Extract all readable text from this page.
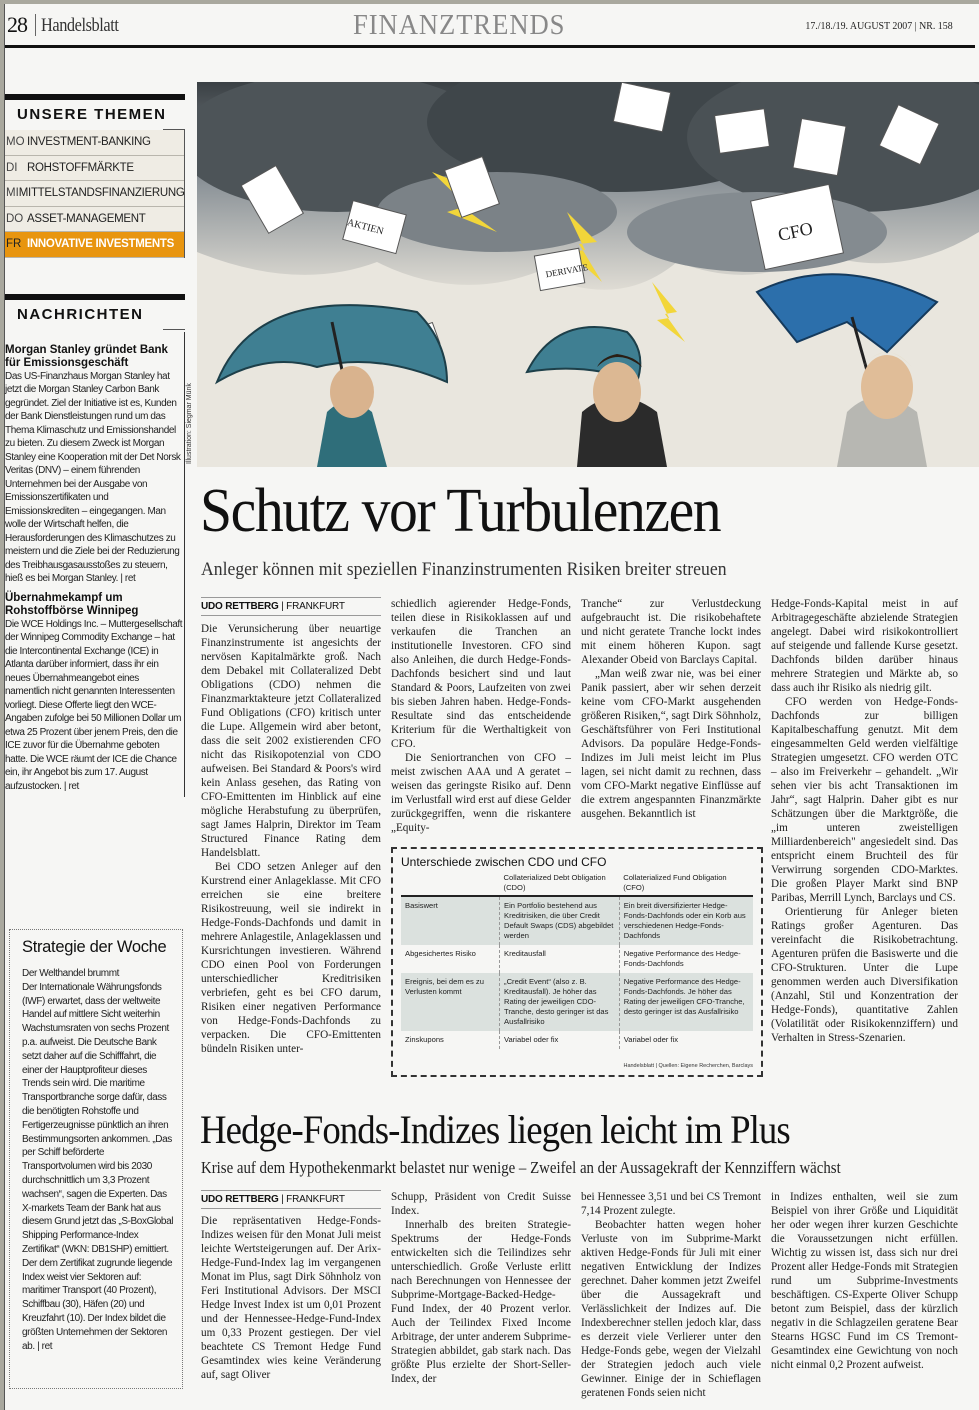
28 Handelsblatt	FINANZTRENDS	17./18./19. AUGUST 2007 | NR. 158
UNSERE THEMEN
MO INVESTMENT-BANKING
DI ROHSTOFFMÄRKTE
MI MITTELSTANDSFINANZIERUNG
DO ASSET-MANAGEMENT
FR INNOVATIVE INVESTMENTS
NACHRICHTEN
Morgan Stanley gründet Bank für Emissionsgeschäft

Das US-Finanzhaus Morgan Stanley hat jetzt die Morgan Stanley Carbon Bank gegründet. Ziel der Initiative ist es, Kunden der Bank Dienstleistungen rund um das Thema Klimaschutz und Emissionshandel zu bieten. Zu diesem Zweck ist Morgan Stanley eine Kooperation mit der Det Norsk Veritas (DNV) – einem führenden Unternehmen bei der Ausgabe von Emissionszertifikaten und Emissionskrediten – eingegangen. Man wolle der Wirtschaft helfen, die Herausforderungen des Klimaschutzes zu meistern und die Ziele bei der Reduzierung des Treibhausgasausstoßes zu steuern, hieß es bei Morgan Stanley. | ret

Übernahmekampf um Rohstoffbörse Winnipeg

Die WCE Holdings Inc. – Muttergesellschaft der Winnipeg Commodity Exchange – hat die Intercontinental Exchange (ICE) in Atlanta darüber informiert, dass ihr ein neues Übernahmeangebot eines namentlich nicht genannten Interessenten vorliegt. Diese Offerte liegt den WCE-Angaben zufolge bei 50 Millionen Dollar um etwa 25 Prozent über jenem Preis, den die ICE zuvor für die Übernahme geboten hatte. Die WCE räumt der ICE die Chance ein, ihr Angebot bis zum 17. August aufzustocken. | ret

Strategie der Woche

Der Welthandel brummt

Der Internationale Währungsfonds (IWF) erwartet, dass der weltweite Handel auf mittlere Sicht weiterhin Wachstumsraten von sechs Prozent p.a. aufweist. Die Deutsche Bank setzt daher auf die Schifffahrt, die einer der Hauptprofiteur dieses Trends sein wird. Die maritime Transportbranche sorge dafür, dass die benötigten Rohstoffe und Fertigerzeugnisse pünktlich an ihren Bestimmungsorten ankommen. „Das per Schiff beförderte Transportvolumen wird bis 2030 durchschnittlich um 3,3 Prozent wachsen“, sagen die Experten. Das X-markets Team der Bank hat aus diesem Grund jetzt das „S-BoxGlobal Shipping Performance-Index Zertifikat“ (WKN: DB1SHP) emittiert. Der dem Zertifikat zugrunde liegende Index weist vier Sektoren auf: maritimer Transport (40 Prozent), Schiffbau (30), Häfen (20) und Kreuzfahrt (10). Der Index bildet die größten Unternehmen der Sektoren ab. | ret

AKTIEN
DERIVATE
CFO
Illustration: Siegmar Münk
Schutz vor Turbulenzen
Anleger können mit speziellen Finanzinstrumenten Risiken breiter streuen
UDO RETTBERG | FRANKFURT

Die Verunsicherung über neuartige Finanzinstrumente ist angesichts der nervösen Kapitalmärkte groß. Nach dem Debakel mit Collateralized Debt Obligations (CDO) nehmen die Finanzmarktakteure jetzt Collateralized Fund Obligations (CFO) kritisch unter die Lupe. Allgemein wird aber betont, dass die seit 2002 existierenden CFO nicht das Risikopotenzial von CDO aufweisen. Bei Standard & Poors's wird kein Anlass gesehen, das Rating von CFO-Emittenten im Hinblick auf eine mögliche Herabstufung zu überprüfen, sagt James Halprin, Direktor im Team Structured Finance Rating dem Handelsblatt.

Bei CDO setzen Anleger auf den Kurstrend einer Anlageklasse. Mit CFO erreichen sie eine breitere Risikostreuung, weil sie indirekt in Hedge-Fonds-Dachfonds und damit in mehrere Anlagestile, Anlageklassen und Kursrichtungen investieren. Während CDO einen Pool von Forderungen unterschiedlicher Kreditrisiken verbriefen, geht es bei CFO darum, Risiken einer negativen Performance von Hedge-Fonds-Dachfonds zu verpacken. Die CFO-Emittenten bündeln Risiken unter-

schiedlich agierender Hedge-Fonds, teilen diese in Risikoklassen auf und verkaufen die Tranchen an institutionelle Investoren. CFO sind also Anleihen, die durch Hedge-Fonds-Dachfonds besichert sind und laut Standard & Poors, Laufzeiten von zwei bis sieben Jahren haben. Hedge-Fonds-Resultate sind das entscheidende Kriterium für die Werthaltigkeit von CFO.

Die Seniortranchen von CFO – meist zwischen AAA und A geratet – weisen das geringste Risiko auf. Denn im Verlustfall wird erst auf diese Gelder zurückgegriffen, wenn die riskantere „Equity-

Tranche“ zur Verlustdeckung aufgebraucht ist. Die risikobehaftete und nicht geratete Tranche lockt indes mit einem höheren Kupon. sagt Alexander Obeid von Barclays Capital.

„Man weiß zwar nie, was bei einer Panik passiert, aber wir sehen derzeit keine vom CFO-Markt ausgehenden größeren Risiken,“, sagt Dirk Söhnholz, Geschäftsführer von Feri Institutional Advisors. Da populäre Hedge-Fonds-Indizes im Juli meist leicht im Plus lagen, sei nicht damit zu rechnen, dass vom CFO-Markt negative Einflüsse auf die extrem angespannten Finanzmärkte ausgehen. Bekanntlich ist

Hedge-Fonds-Kapital meist in auf Arbitragegeschäfte abzielende Strategien angelegt. Dabei wird risikokontrolliert auf steigende und fallende Kurse gesetzt. Dachfonds bilden darüber hinaus mehrere Strategien und Märkte ab, so dass auch ihr Risiko als niedrig gilt.

CFO werden von Hedge-Fonds-Dachfonds zur billigen Kapitalbeschaffung genutzt. Mit dem eingesammelten Geld werden vielfältige Strategien umgesetzt. CFO werden OTC – also im Freiverkehr – gehandelt. „Wir sehen vier bis acht Transaktionen im Jahr“, sagt Halprin. Daher gibt es nur Schätzungen über die Marktgröße, die „im unteren zweistelligen Milliardenbereich" angesiedelt sind. Das entspricht einem Bruchteil des für Verwirrung sorgenden CDO-Marktes. Die großen Player Markt sind BNP Paribas, Merrill Lynch, Barclays und CS.

Orientierung für Anleger bieten Ratings großer Agenturen. Das vereinfacht die Risikobetrachtung. Agenturen prüfen die Basiswerte und die CFO-Strukturen. Unter die Lupe genommen werden auch Diversifikation (Anzahl, Stil und Konzentration der Hedge-Fonds), quantitative Zahlen (Volatilität oder Risikokennziffern) und Verhalten in Stress-Szenarien.

Unterschiede zwischen CDO und CFO
	Collaterialized Debt Obligation (CDO)	Collaterialized Fund Obligation (CFO)
Basiswert	Ein Portfolio bestehend aus Kreditrisiken, die über Credit Default Swaps (CDS) abgebildet werden	Ein breit diversifizierter Hedge-Fonds-Dachfonds oder ein Korb aus verschiedenen Hedge-Fonds-Dachfonds
Abgesichertes Risiko	Kreditausfall	Negative Performance des Hedge-Fonds-Dachfonds
Ereignis, bei dem es zu Verlusten kommt	„Credit Event“ (also z. B. Kreditausfall). Je höher das Rating der jeweiligen CDO-Tranche, desto geringer ist das Ausfallrisiko	Negative Performance des Hedge-Fonds-Dachfonds. Je höher das Rating der jeweiligen CFO-Tranche, desto geringer ist das Ausfallrisiko
Zinskupons	Variabel oder fix	Variabel oder fix
Handelsblatt | Quellen: Eigene Recherchen, Barclays
Hedge-Fonds-Indizes liegen leicht im Plus
Krise auf dem Hypothekenmarkt belastet nur wenige – Zweifel an der Aussagekraft der Kennziffern wächst
UDO RETTBERG | FRANKFURT

Die repräsentativen Hedge-Fonds-Indizes weisen für den Monat Juli meist leichte Wertsteigerungen auf. Der Arix-Hedge-Fund-Index lag im vergangenen Monat im Plus, sagt Dirk Söhnholz von Feri Institutional Advisors. Der MSCI Hedge Invest Index ist um 0,01 Prozent und der Hennessee-Hedge-Fund-Index um 0,33 Prozent gestiegen. Der viel beachtete CS Tremont Hedge Fund Gesamtindex wies keine Veränderung auf, sagt Oliver

Schupp, Präsident von Credit Suisse Index.

Innerhalb des breiten Strategie-Spektrums der Hedge-Fonds entwickelten sich die Teilindizes sehr unterschiedlich. Große Verluste erlitt nach Berechnungen von Hennessee der Subprime-Mortgage-Backed-Hedge-Fund Index, der 40 Prozent verlor. Auch der Teilindex Fixed Income Arbitrage, der unter anderem Subprime-Strategien abbildet, gab stark nach. Das größte Plus erzielte der Short-Seller-Index, der

bei Hennessee 3,51 und bei CS Tremont 7,14 Prozent zulegte.

Beobachter hatten wegen hoher Verluste von im Subprime-Markt aktiven Hedge-Fonds für Juli mit einer negativen Entwicklung der Indizes gerechnet. Daher kommen jetzt Zweifel über die Aussagekraft und Verlässlichkeit der Indizes auf. Die Indexberechner stellen jedoch klar, dass es derzeit viele Verlierer unter den Hedge-Fonds gebe, wegen der Vielzahl der Strategien jedoch auch viele Gewinner. Einige der in Schieflagen geratenen Fonds seien nicht

in Indizes enthalten, weil sie zum Beispiel von ihrer Größe und Liquidität her oder wegen ihrer kurzen Geschichte die Voraussetzungen nicht erfüllen. Wichtig zu wissen ist, dass sich nur drei Prozent aller Hedge-Fonds mit Strategien rund um Subprime-Investments beschäftigen. CS-Experte Oliver Schupp betont zum Beispiel, dass der kürzlich negativ in die Schlagzeilen geratene Bear Stearns HGSC Fund im CS Tremont-Gesamtindex eine Gewichtung von noch nicht einmal 0,2 Prozent aufweist.
